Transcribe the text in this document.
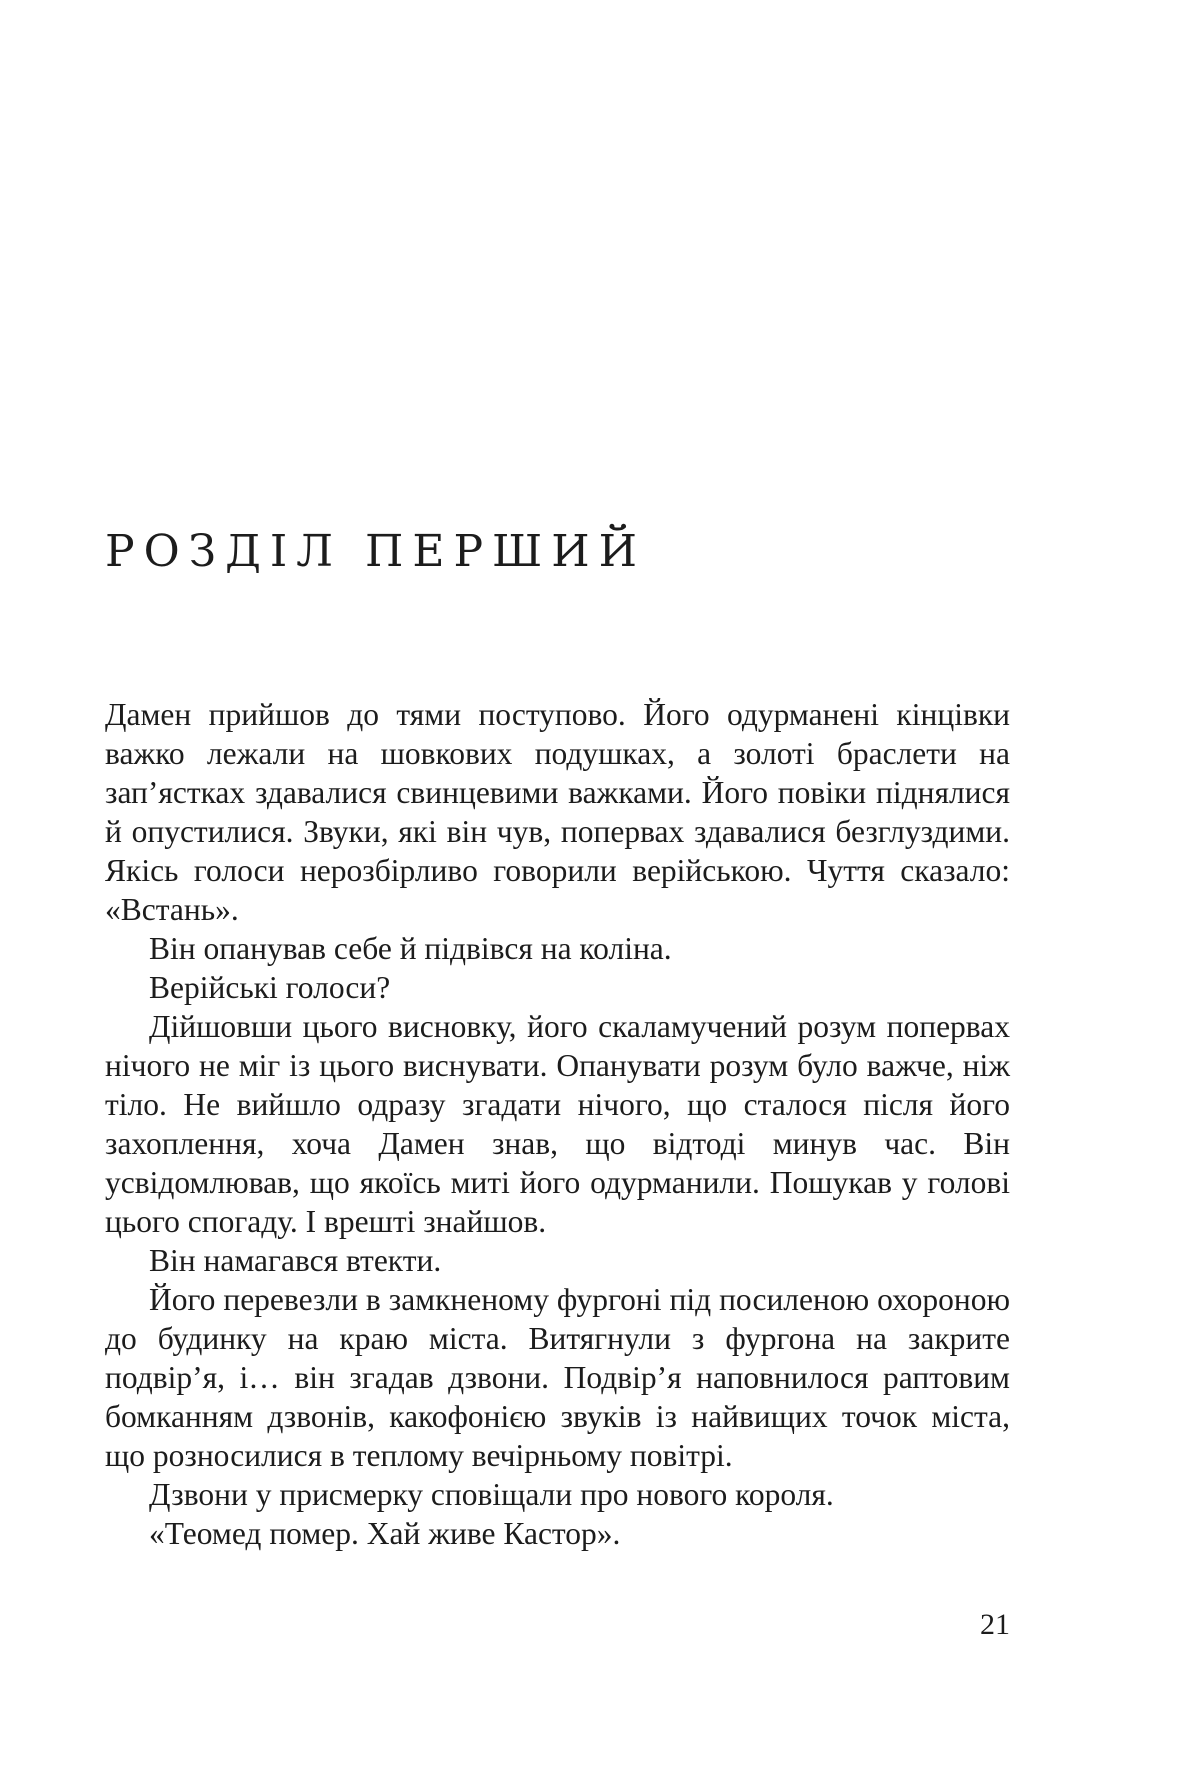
РОЗДІЛ ПЕРШИЙ

Дамен прийшов до тями поступово. Його одурманені кінцівки важко лежали на шовкових подушках, а золоті браслети на зап’ястках здавалися свинцевими важками. Його повіки піднялися й опустилися. Звуки, які він чув, попервах здавалися безглуздими. Якісь голоси нерозбірливо говорили верійською. Чуття сказало: «Встань».

Він опанував себе й підвівся на коліна.

Верійські голоси?

Дійшовши цього висновку, його скаламучений розум попервах нічого не міг із цього виснувати. Опанувати розум було важче, ніж тіло. Не вийшло одразу згадати нічого, що сталося після його захоплення, хоча Дамен знав, що відтоді минув час. Він усвідомлював, що якоїсь миті його одурманили. Пошукав у голові цього спогаду. І врешті знайшов.

Він намагався втекти.

Його перевезли в замкненому фургоні під посиленою охороною до будинку на краю міста. Витягнули з фургона на закрите подвір’я, і… він згадав дзвони. Подвір’я наповнилося раптовим бомканням дзвонів, какофонією звуків із найвищих точок міста, що розносилися в теплому вечірньому повітрі.

Дзвони у присмерку сповіщали про нового короля.

«Теомед помер. Хай живе Кастор».

21
